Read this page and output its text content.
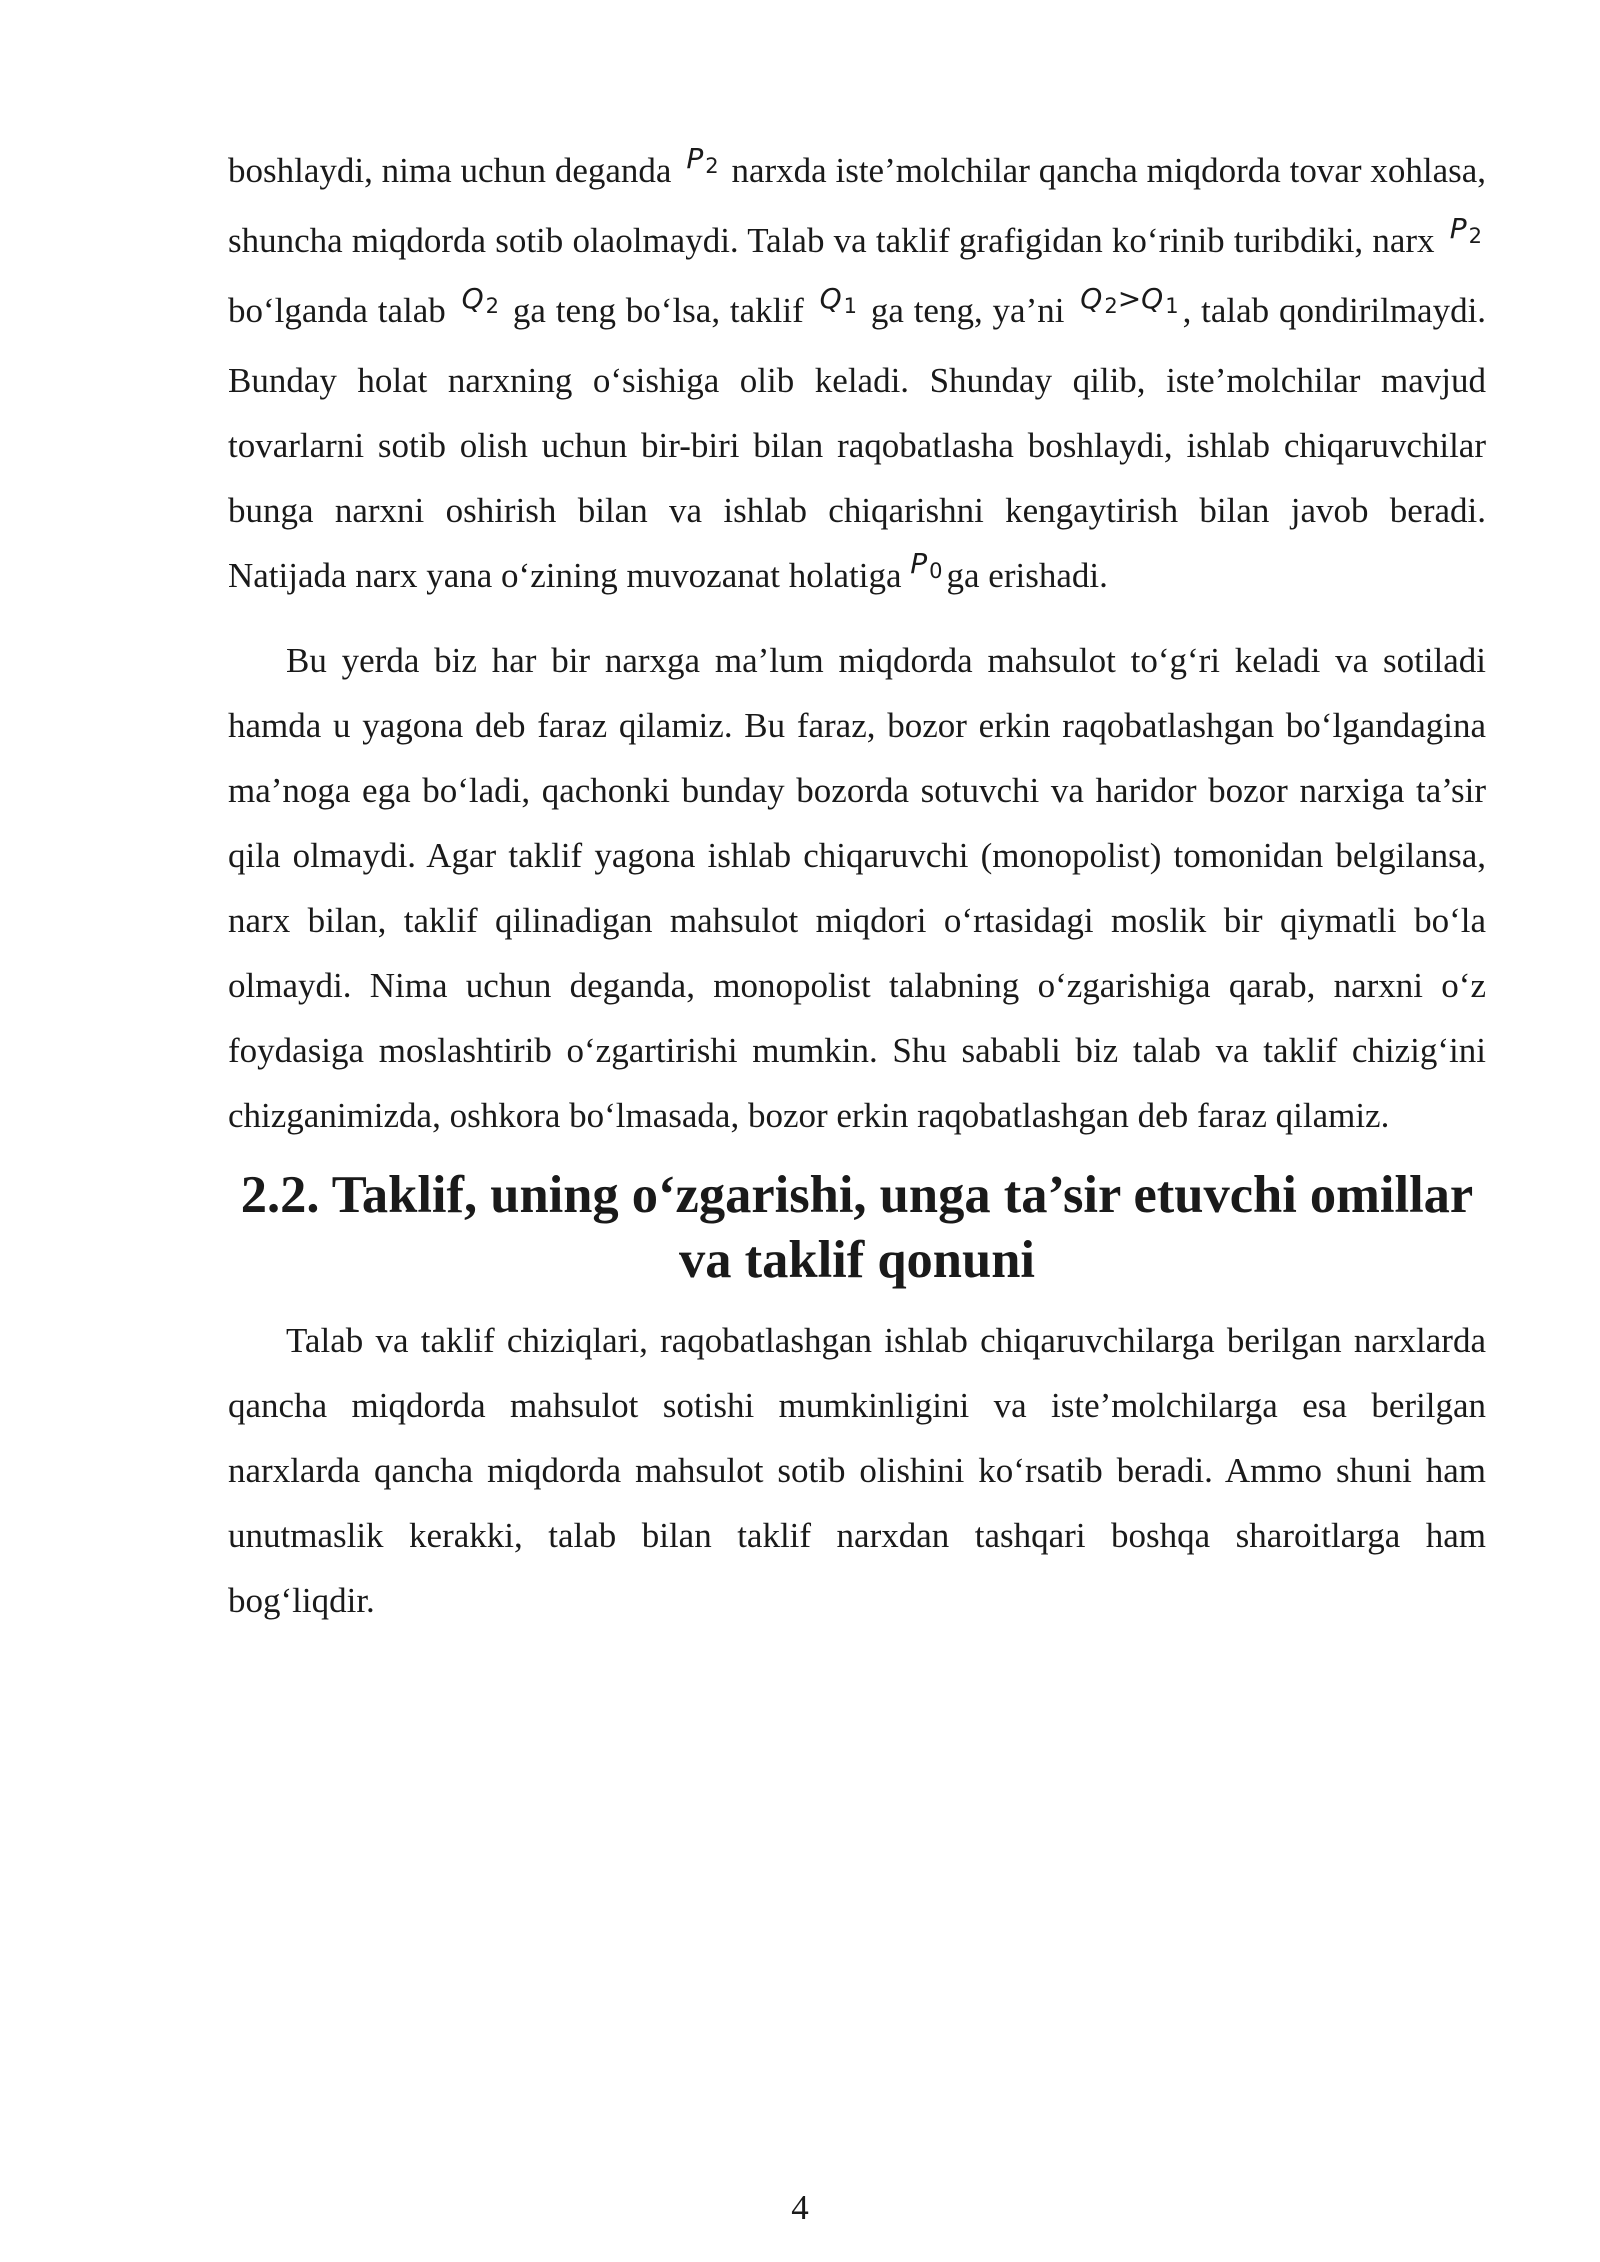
boshlaydi, nima uchun deganda $^{P_2}$ narxda iste’molchilar qancha miqdorda tovar xohlasa, shuncha miqdorda sotib olaolmaydi. Talab va taklif grafigidan ko‘rinib turibdiki, narx $^{P_2}$ bo‘lganda talab $^{Q_2}$ ga teng bo‘lsa, taklif $^{Q_1}$ ga teng, ya’ni $^{Q_2>Q_1}$ , talab qondirilmaydi. Bunday holat narxning o‘sishiga olib keladi. Shunday qilib, iste’molchilar mavjud tovarlarni sotib olish uchun bir-biri bilan raqobatlasha boshlaydi, ishlab chiqaruvchilar bunga narxni oshirish bilan va ishlab chiqarishni kengaytirish bilan javob beradi. Natijada narx yana o‘zining muvozanat holatiga $^{P_0}$ ga erishadi.

Bu yerda biz har bir narxga ma’lum miqdorda mahsulot to‘g‘ri keladi va sotiladi hamda u yagona deb faraz qilamiz. Bu faraz, bozor erkin raqobatlashgan bo‘lgandagina ma’noga ega bo‘ladi, qachonki bunday bozorda sotuvchi va haridor bozor narxiga ta’sir qila olmaydi. Agar taklif yagona ishlab chiqaruvchi (monopolist) tomonidan belgilansa, narx bilan, taklif qilinadigan mahsulot miqdori o‘rtasidagi moslik bir qiymatli bo‘la olmaydi. Nima uchun deganda, monopolist talabning o‘zgarishiga qarab, narxni o‘z foydasiga moslashtirib o‘zgartirishi mumkin. Shu sababli biz talab va taklif chizig‘ini chizganimizda, oshkora bo‘lmasada, bozor erkin raqobatlashgan deb faraz qilamiz.

2.2. Taklif, uning o‘zgarishi, unga ta’sir etuvchi omillar va taklif qonuni

Talab va taklif chiziqlari, raqobatlashgan ishlab chiqaruvchilarga berilgan narxlarda qancha miqdorda mahsulot sotishi mumkinligini va iste’molchilarga esa berilgan narxlarda qancha miqdorda mahsulot sotib olishini ko‘rsatib beradi. Ammo shuni ham unutmaslik kerakki, talab bilan taklif narxdan tashqari boshqa sharoitlarga ham bog‘liqdir.

4
